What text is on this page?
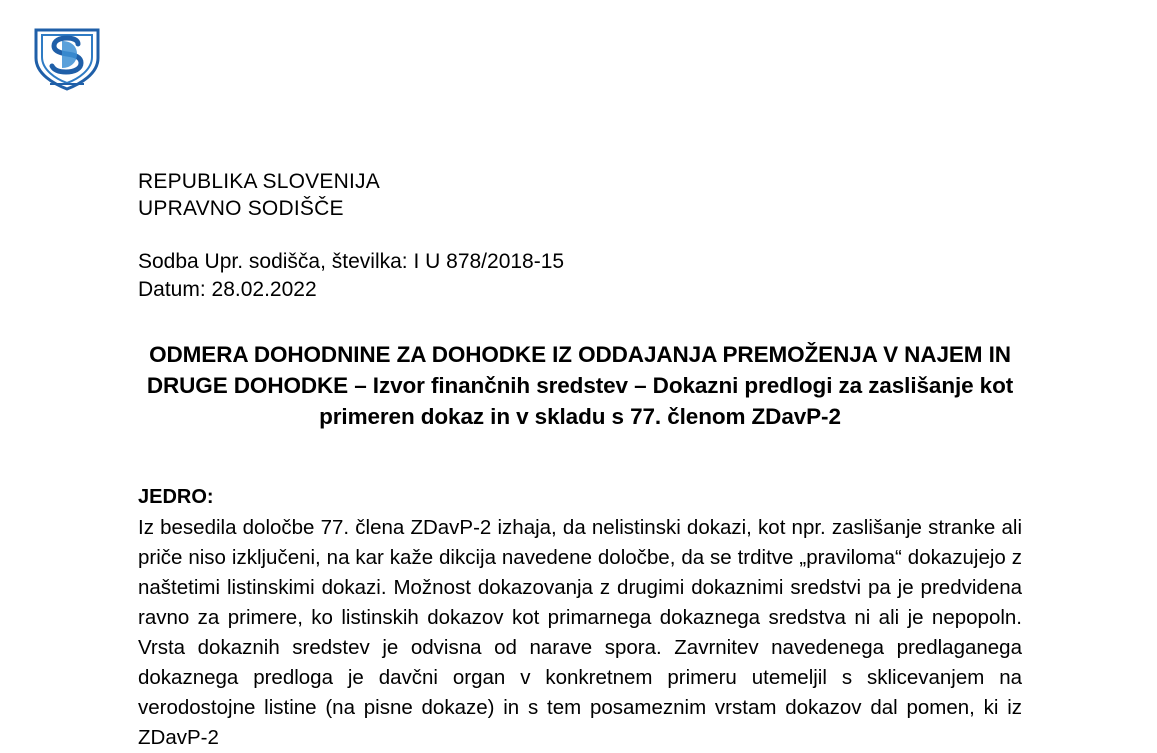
REPUBLIKA SLOVENIJA
UPRAVNO SODIŠČE
Sodba Upr. sodišča, številka: I U 878/2018-15
Datum: 28.02.2022
ODMERA DOHODNINE ZA DOHODKE IZ ODDAJANJA PREMOŽENJA V NAJEM IN DRUGE DOHODKE – Izvor finančnih sredstev – Dokazni predlogi za zaslišanje kot primeren dokaz in v skladu s 77. členom ZDavP-2
JEDRO:
Iz besedila določbe 77. člena ZDavP-2 izhaja, da nelistinski dokazi, kot npr. zaslišanje stranke ali priče niso izključeni, na kar kaže dikcija navedene določbe, da se trditve „praviloma“ dokazujejo z naštetimi listinskimi dokazi. Možnost dokazovanja z drugimi dokaznimi sredstvi pa je predvidena ravno za primere, ko listinskih dokazov kot primarnega dokaznega sredstva ni ali je nepopoln. Vrsta dokaznih sredstev je odvisna od narave spora. Zavrnitev navedenega predlaganega dokaznega predloga je davčni organ v konkretnem primeru utemeljil s sklicevanjem na verodostojne listine (na pisne dokaze) in s tem posameznim vrstam dokazov dal pomen, ki iz ZDavP-2
